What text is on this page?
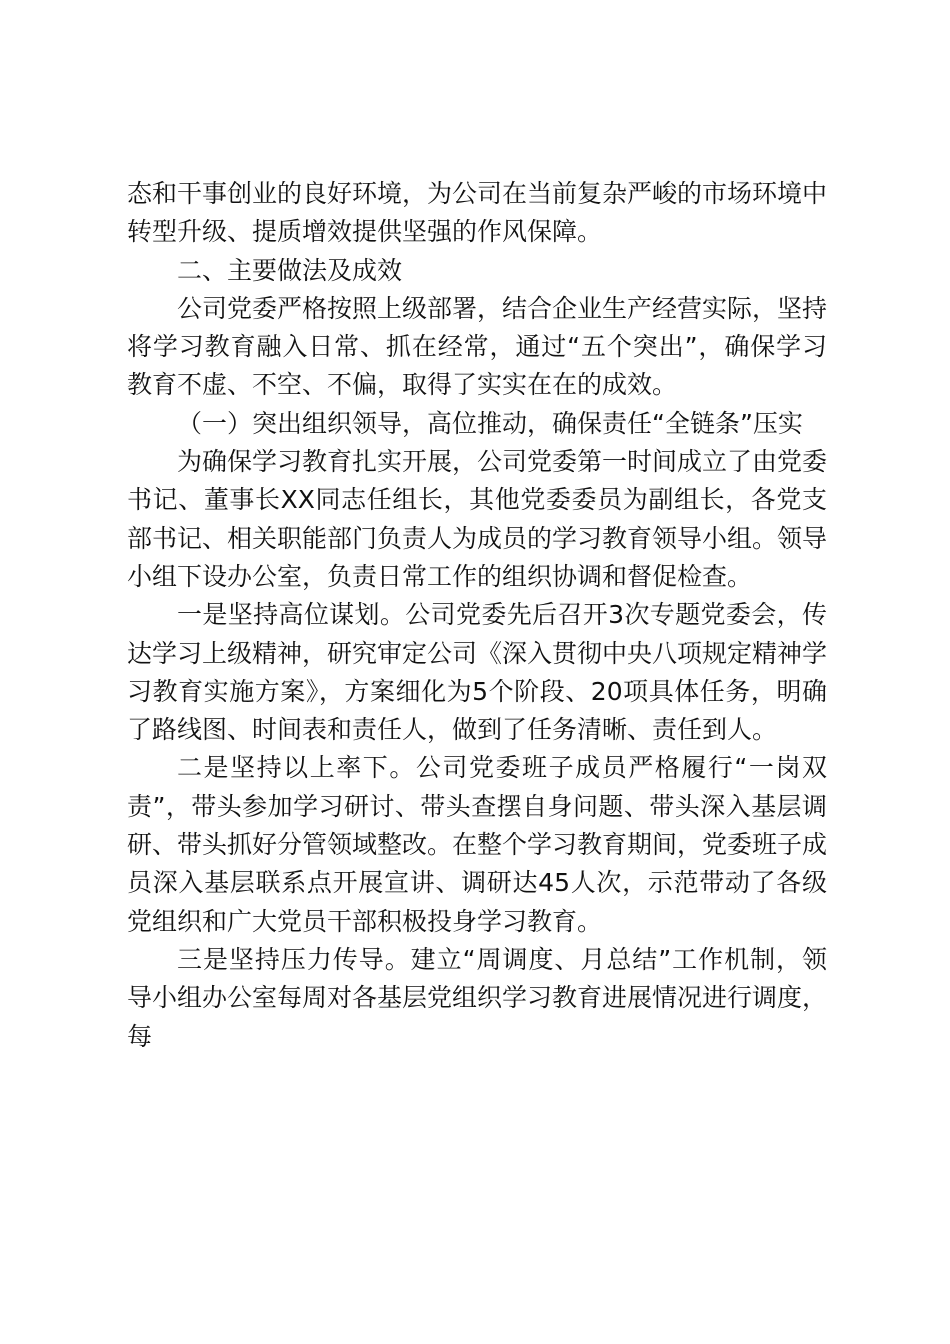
态和干事创业的良好环境，为公司在当前复杂严峻的市场环境中转型升级、提质增效提供坚强的作风保障。

二、主要做法及成效

公司党委严格按照上级部署，结合企业生产经营实际，坚持将学习教育融入日常、抓在经常，通过“五个突出”，确保学习教育不虚、不空、不偏，取得了实实在在的成效。

（一）突出组织领导，高位推动，确保责任“全链条”压实

为确保学习教育扎实开展，公司党委第一时间成立了由党委书记、董事长XX同志任组长，其他党委委员为副组长，各党支部书记、相关职能部门负责人为成员的学习教育领导小组。领导小组下设办公室，负责日常工作的组织协调和督促检查。

一是坚持高位谋划。公司党委先后召开3次专题党委会，传达学习上级精神，研究审定公司《深入贯彻中央八项规定精神学习教育实施方案》，方案细化为5个阶段、20项具体任务，明确了路线图、时间表和责任人，做到了任务清晰、责任到人。

二是坚持以上率下。公司党委班子成员严格履行“一岗双责”，带头参加学习研讨、带头查摆自身问题、带头深入基层调研、带头抓好分管领域整改。在整个学习教育期间，党委班子成员深入基层联系点开展宣讲、调研达45人次，示范带动了各级党组织和广大党员干部积极投身学习教育。

三是坚持压力传导。建立“周调度、月总结”工作机制，领导小组办公室每周对各基层党组织学习教育进展情况进行调度，每
